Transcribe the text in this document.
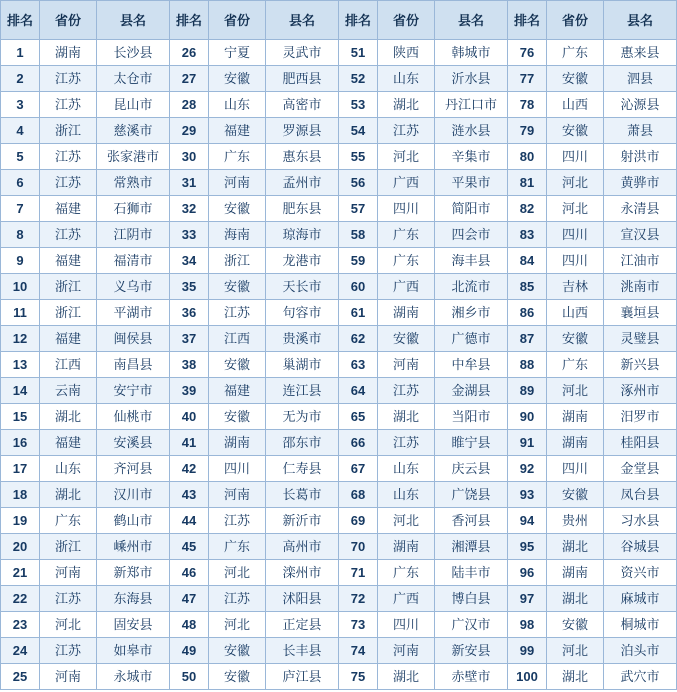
排名	省份	县名	排名	省份	县名	排名	省份	县名	排名	省份	县名

1	湖南	长沙县	26	宁夏	灵武市	51	陕西	韩城市	76	广东	惠来县
2	江苏	太仓市	27	安徽	肥西县	52	山东	沂水县	77	安徽	泗县
3	江苏	昆山市	28	山东	高密市	53	湖北	丹江口市	78	山西	沁源县
4	浙江	慈溪市	29	福建	罗源县	54	江苏	涟水县	79	安徽	萧县
5	江苏	张家港市	30	广东	惠东县	55	河北	辛集市	80	四川	射洪市
6	江苏	常熟市	31	河南	孟州市	56	广西	平果市	81	河北	黄骅市
7	福建	石狮市	32	安徽	肥东县	57	四川	简阳市	82	河北	永清县
8	江苏	江阴市	33	海南	琼海市	58	广东	四会市	83	四川	宣汉县
9	福建	福清市	34	浙江	龙港市	59	广东	海丰县	84	四川	江油市
10	浙江	义乌市	35	安徽	天长市	60	广西	北流市	85	吉林	洮南市
11	浙江	平湖市	36	江苏	句容市	61	湖南	湘乡市	86	山西	襄垣县
12	福建	闽侯县	37	江西	贵溪市	62	安徽	广德市	87	安徽	灵璧县
13	江西	南昌县	38	安徽	巢湖市	63	河南	中牟县	88	广东	新兴县
14	云南	安宁市	39	福建	连江县	64	江苏	金湖县	89	河北	涿州市
15	湖北	仙桃市	40	安徽	无为市	65	湖北	当阳市	90	湖南	汨罗市
16	福建	安溪县	41	湖南	邵东市	66	江苏	睢宁县	91	湖南	桂阳县
17	山东	齐河县	42	四川	仁寿县	67	山东	庆云县	92	四川	金堂县
18	湖北	汉川市	43	河南	长葛市	68	山东	广饶县	93	安徽	凤台县
19	广东	鹤山市	44	江苏	新沂市	69	河北	香河县	94	贵州	习水县
20	浙江	嵊州市	45	广东	高州市	70	湖南	湘潭县	95	湖北	谷城县
21	河南	新郑市	46	河北	滦州市	71	广东	陆丰市	96	湖南	资兴市
22	江苏	东海县	47	江苏	沭阳县	72	广西	博白县	97	湖北	麻城市
23	河北	固安县	48	河北	正定县	73	四川	广汉市	98	安徽	桐城市
24	江苏	如皋市	49	安徽	长丰县	74	河南	新安县	99	河北	泊头市
25	河南	永城市	50	安徽	庐江县	75	湖北	赤壁市	100	湖北	武穴市
